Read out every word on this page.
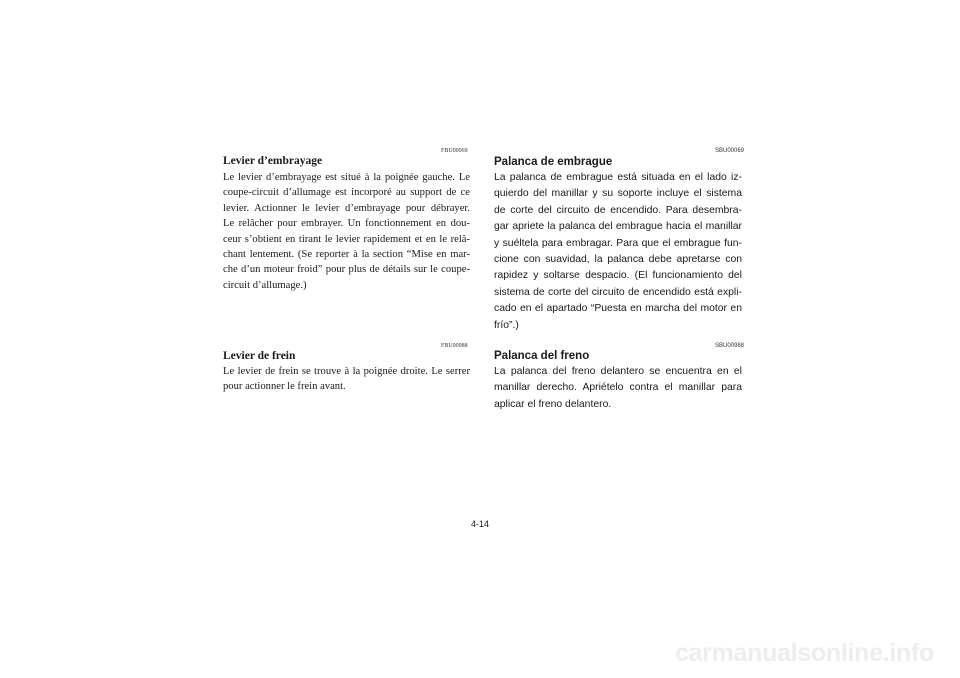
FBU00069
Levier d’embrayage

Le levier d’embrayage est situé à la poignée gauche. Le
coupe-circuit d’allumage est incorporé au support de ce
levier. Actionner le levier d’embrayage pour débrayer.
Le relâcher pour embrayer. Un fonctionnement en dou-
ceur s’obtient en tirant le levier rapidement et en le relâ-
chant lentement. (Se reporter à la section “Mise en mar-
che d’un moteur froid” pour plus de détails sur le coupe-
circuit d’allumage.)

FBU00988
Levier de frein

Le levier de frein se trouve à la poignée droite. Le serrer
pour actionner le frein avant.

SBU00069
Palanca de embrague

La palanca de embrague está situada en el lado iz-
quierdo del manillar y su soporte incluye el sistema
de corte del circuito de encendido. Para desembra-
gar apriete la palanca del embrague hacia el manillar
y suéltela para embragar. Para que el embrague fun-
cione con suavidad, la palanca debe apretarse con
rapidez y soltarse despacio. (El funcionamiento del
sistema de corte del circuito de encendido está expli-
cado en el apartado “Puesta en marcha del motor en
frío”.)

SBU00988
Palanca del freno

La palanca del freno delantero se encuentra en el
manillar derecho. Apriételo contra el manillar para
aplicar el freno delantero.

4-14
carmanualsonline.info
